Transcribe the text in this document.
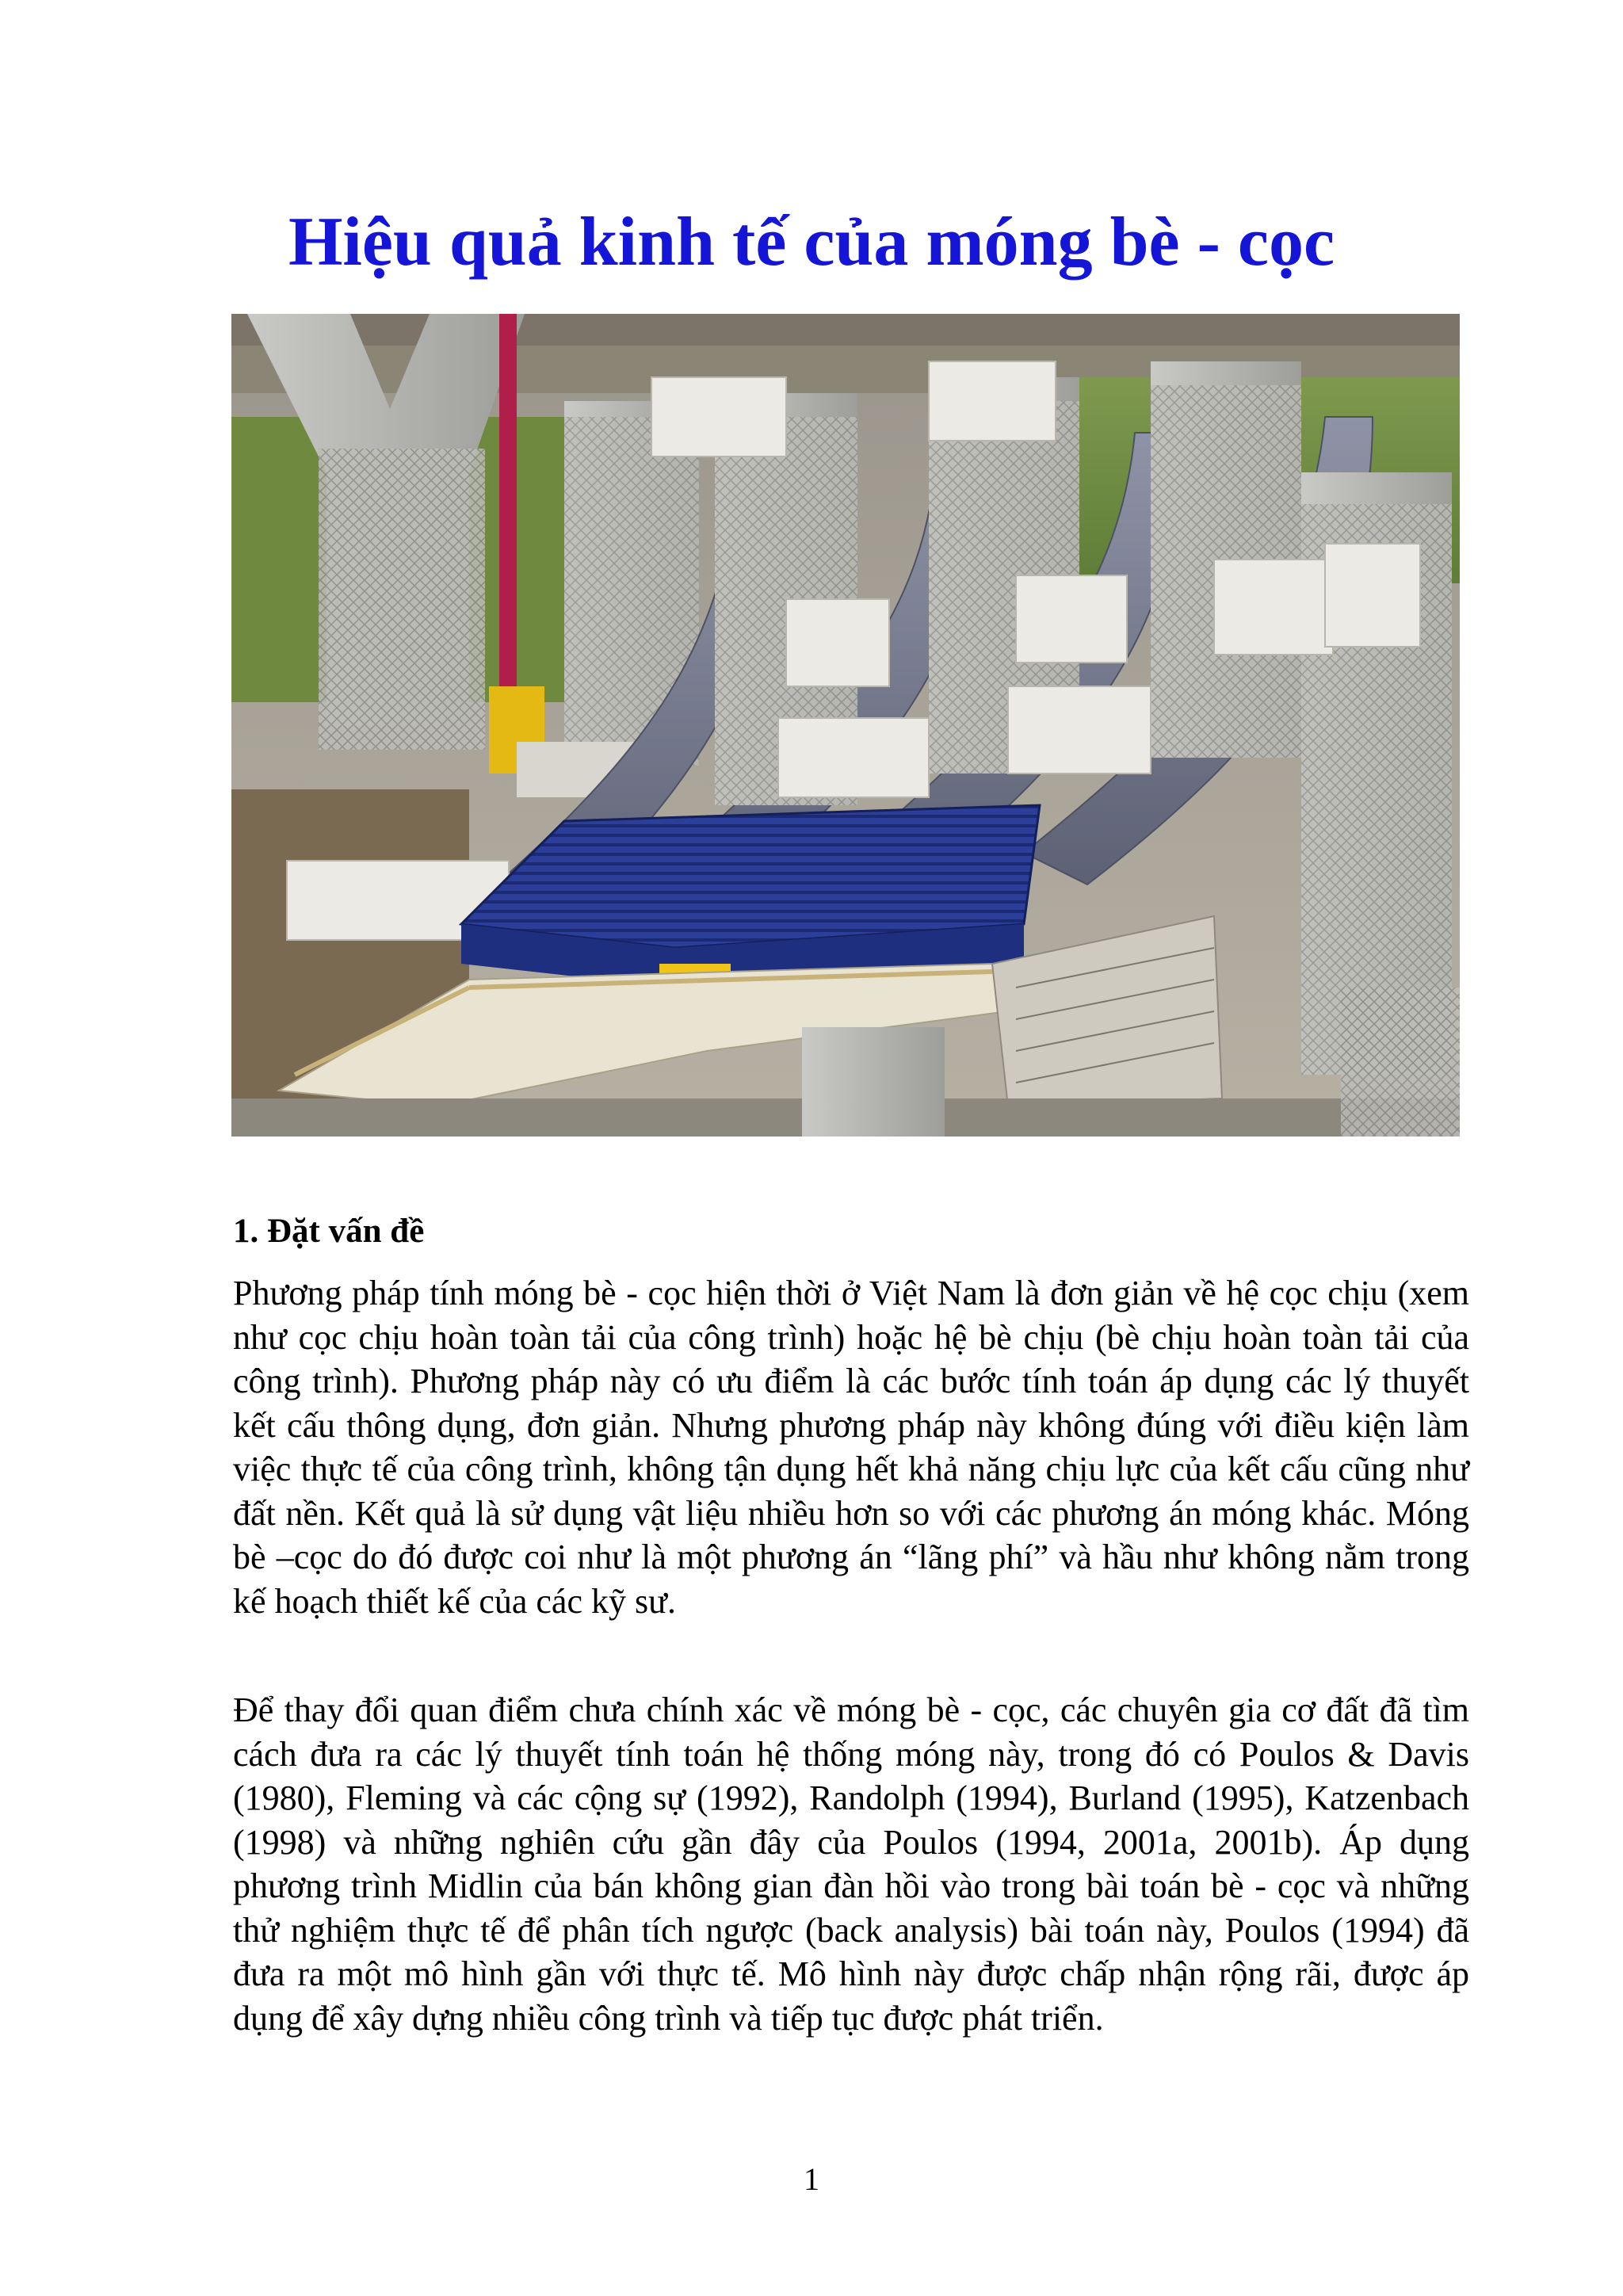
Hiệu quả kinh tế của móng bè - cọc
1. Đặt vấn đề

Phương pháp tính móng bè - cọc hiện thời ở Việt Nam là đơn giản về hệ cọc chịu (xem như cọc chịu hoàn toàn tải của công trình) hoặc hệ bè chịu (bè chịu hoàn toàn tải của công trình). Phương pháp này có ưu điểm là các bước tính toán áp dụng các lý thuyết kết cấu thông dụng, đơn giản. Nhưng phương pháp này không đúng với điều kiện làm việc thực tế của công trình, không tận dụng hết khả năng chịu lực của kết cấu cũng như đất nền. Kết quả là sử dụng vật liệu nhiều hơn so với các phương án móng khác. Móng bè –cọc do đó được coi như là một phương án “lãng phí” và hầu như không nằm trong kế hoạch thiết kế của các kỹ sư.

Để thay đổi quan điểm chưa chính xác về móng bè - cọc, các chuyên gia cơ đất đã tìm cách đưa ra các lý thuyết tính toán hệ thống móng này, trong đó có Poulos & Davis (1980), Fleming và các cộng sự (1992), Randolph (1994), Burland (1995), Katzenbach (1998) và những nghiên cứu gần đây của Poulos (1994, 2001a, 2001b). Áp dụng phương trình Midlin của bán không gian đàn hồi vào trong bài toán bè - cọc và những thử nghiệm thực tế để phân tích ngược (back analysis) bài toán này, Poulos (1994) đã đưa ra một mô hình gần với thực tế. Mô hình này được chấp nhận rộng rãi, được áp dụng để xây dựng nhiều công trình và tiếp tục được phát triển.

1
